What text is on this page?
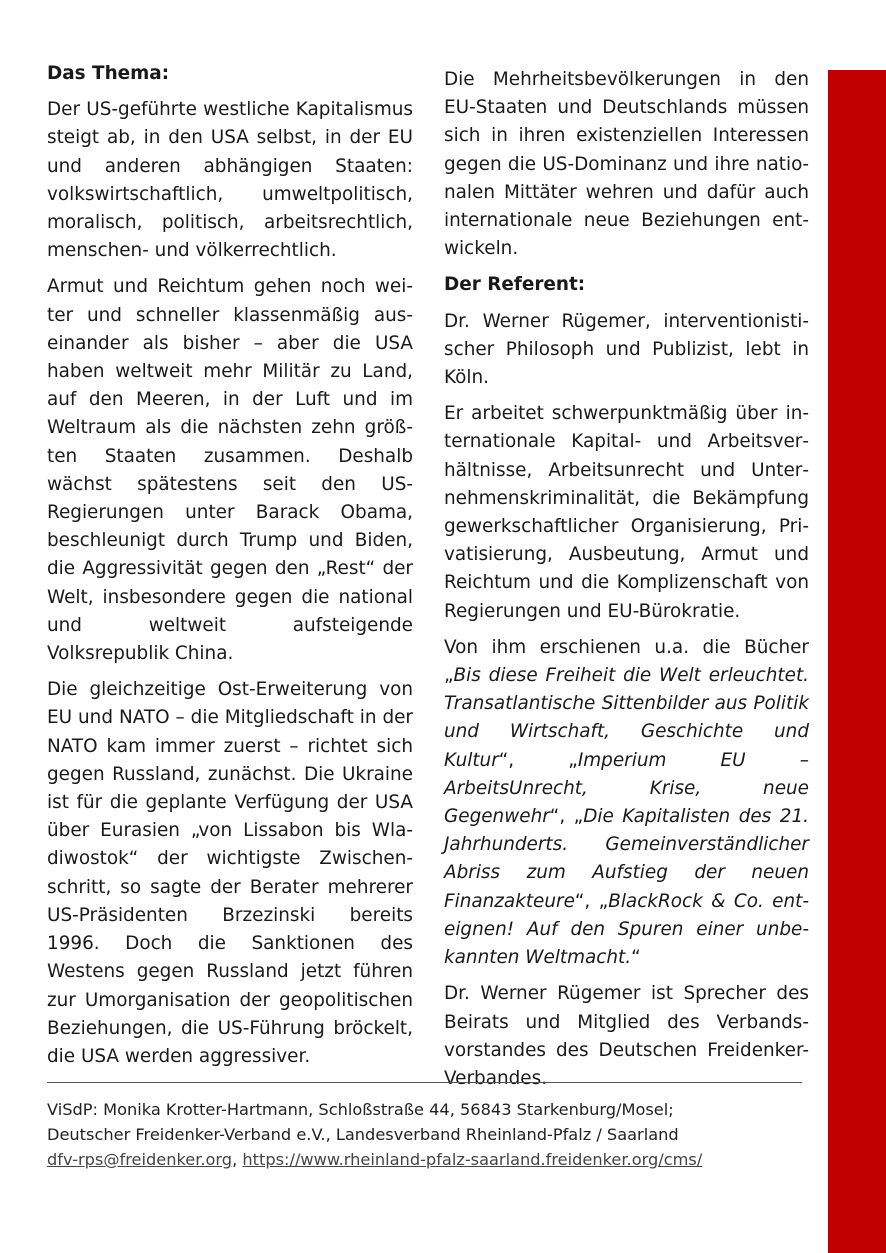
Das Thema:

Der US-geführte westliche Kapitalismus steigt ab, in den USA selbst, in der EU und anderen abhängigen Staaten: volkswirtschaftlich, umweltpolitisch, moralisch, politisch, arbeitsrechtlich, menschen- und völkerrechtlich.

Armut und Reichtum gehen noch weiter und schneller klassenmäßig auseinander als bisher – aber die USA haben weltweit mehr Militär zu Land, auf den Meeren, in der Luft und im Weltraum als die nächsten zehn größten Staaten zusammen. Deshalb wächst spätestens seit den US-Regierungen unter Barack Obama, beschleunigt durch Trump und Biden, die Aggressivität gegen den „Rest“ der Welt, insbesondere gegen die national und weltweit aufsteigende Volksrepublik China.

Die gleichzeitige Ost-Erweiterung von EU und NATO – die Mitgliedschaft in der NATO kam immer zuerst – richtet sich gegen Russland, zunächst. Die Ukraine ist für die geplante Verfügung der USA über Eurasien „von Lissabon bis Wladiwostok“ der wichtigste Zwischenschritt, so sagte der Berater mehrerer US-Präsidenten Brzezinski bereits 1996. Doch die Sanktionen des Westens gegen Russland jetzt führen zur Umorganisation der geopolitischen Beziehungen, die US-Führung bröckelt, die USA werden aggressiver.

Die Mehrheitsbevölkerungen in den EU-Staaten und Deutschlands müssen sich in ihren existenziellen Interessen gegen die US-Dominanz und ihre nationalen Mittäter wehren und dafür auch internationale neue Beziehungen entwickeln.

Der Referent:

Dr. Werner Rügemer, interventionistischer Philosoph und Publizist, lebt in Köln.

Er arbeitet schwerpunktmäßig über internationale Kapital- und Arbeitsverhältnisse, Arbeitsunrecht und Unternehmenskriminalität, die Bekämpfung gewerkschaftlicher Organisierung, Privatisierung, Ausbeutung, Armut und Reichtum und die Komplizenschaft von Regierungen und EU-Bürokratie.

Von ihm erschienen u.a. die Bücher „Bis diese Freiheit die Welt erleuchtet. Transatlantische Sittenbilder aus Politik und Wirtschaft, Geschichte und Kultur“, „Imperium EU – ArbeitsUnrecht, Krise, neue Gegenwehr“, „Die Kapitalisten des 21. Jahrhunderts. Gemeinverständlicher Abriss zum Aufstieg der neuen Finanzakteure“, „BlackRock & Co. enteignen! Auf den Spuren einer unbekannten Weltmacht.“

Dr. Werner Rügemer ist Sprecher des Beirats und Mitglied des Verbandsvorstandes des Deutschen Freidenker-Verbandes.

ViSdP: Monika Krotter-Hartmann, Schloßstraße 44, 56843 Starkenburg/Mosel;
Deutscher Freidenker-Verband e.V., Landesverband Rheinland-Pfalz / Saarland
dfv-rps@freidenker.org, https://www.rheinland-pfalz-saarland.freidenker.org/cms/
